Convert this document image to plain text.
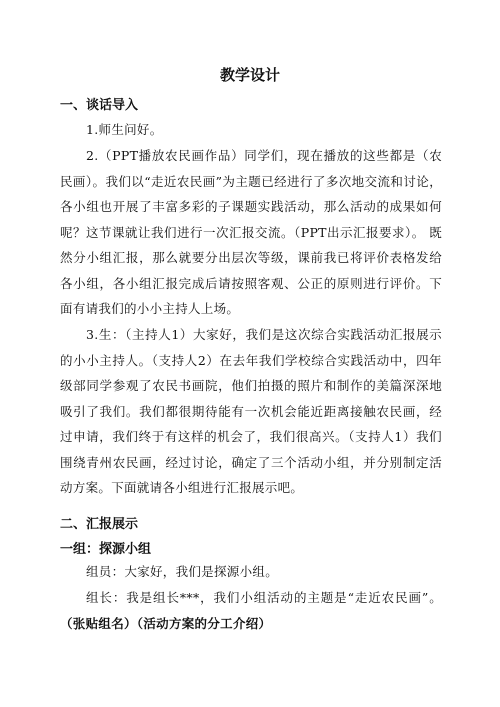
教学设计
一、谈话导入
1.师生问好。
2.（PPT播放农民画作品）同学们，现在播放的这些都是（农民画）。我们以“走近农民画”为主题已经进行了多次地交流和讨论，各小组也开展了丰富多彩的子课题实践活动，那么活动的成果如何呢？这节课就让我们进行一次汇报交流。（PPT出示汇报要求）。 既然分小组汇报，那么就要分出层次等级，课前我已将评价表格发给各小组，各小组汇报完成后请按照客观、公正的原则进行评价。下面有请我们的小小主持人上场。
3.生：（主持人1）大家好，我们是这次综合实践活动汇报展示的小小主持人。（支持人2）在去年我们学校综合实践活动中，四年级部同学参观了农民书画院，他们拍摄的照片和制作的美篇深深地吸引了我们。我们都很期待能有一次机会能近距离接触农民画，经过申请，我们终于有这样的机会了，我们很高兴。（支持人1）我们围绕青州农民画，经过讨论，确定了三个活动小组，并分别制定活动方案。下面就请各小组进行汇报展示吧。
二、汇报展示
一组：探源小组
组员：大家好，我们是探源小组。
组长：我是组长***，我们小组活动的主题是“走近农民画”。（张贴组名）（活动方案的分工介绍）
